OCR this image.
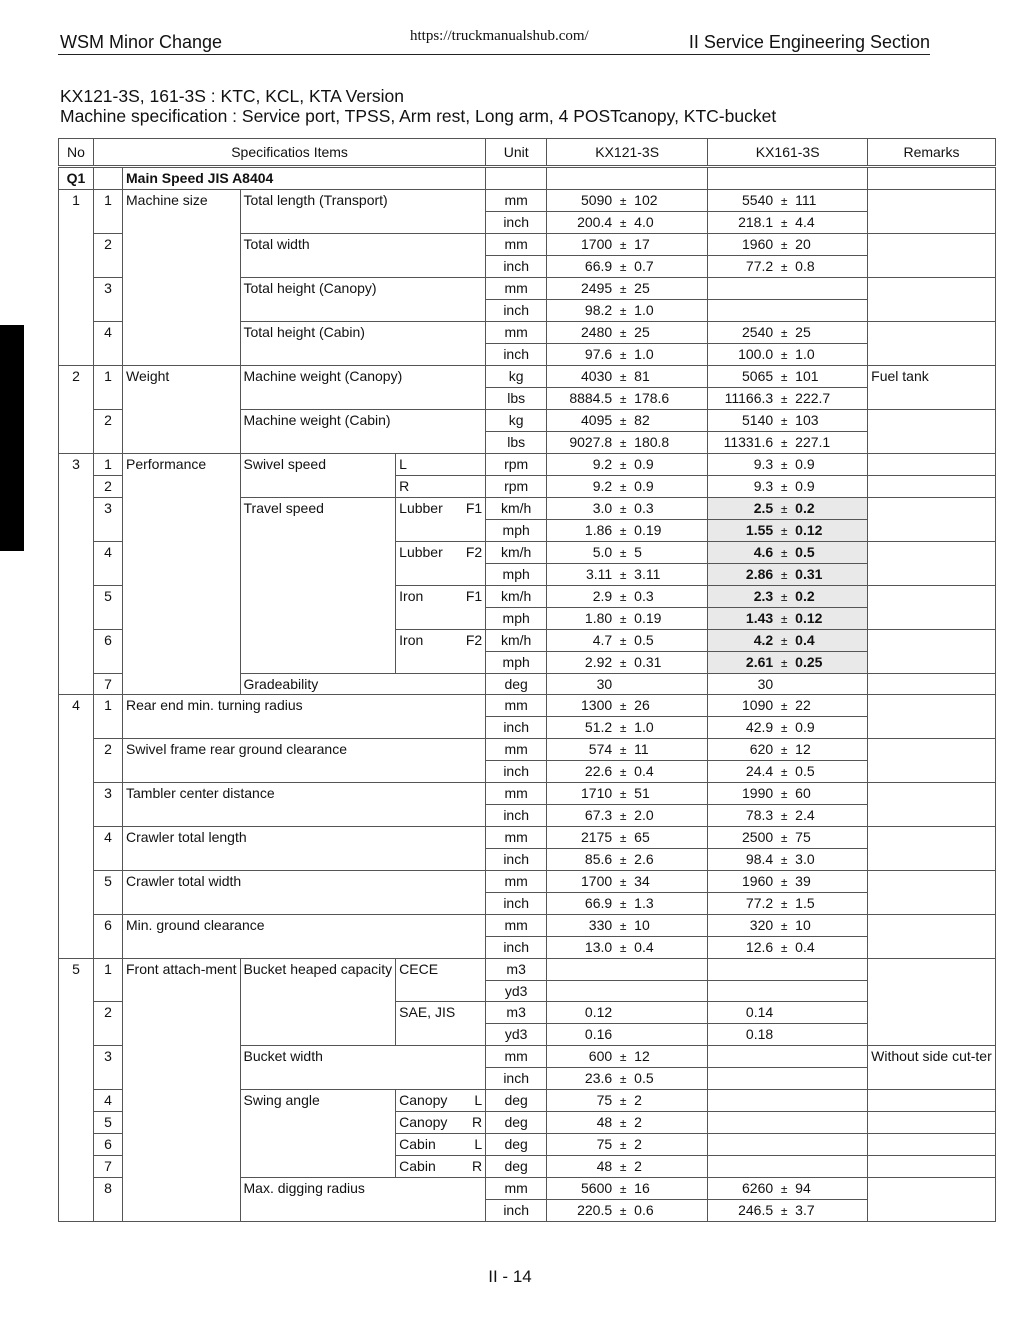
WSM Minor Change	https://truckmanualshub.com/	II Service Engineering Section
KX121-3S, 161-3S : KTC, KCL, KTA Version
Machine specification : Service port, TPSS, Arm rest, Long arm, 4 POSTcanopy, KTC-bucket
No	Specificatios Items				Unit	KX121-3S	KX161-3S	Remarks
Q1		Main Speed JIS A8404						
1	1	Machine size	Total length (Transport)		mm	5090 ± 102	5540 ± 111	
					inch	200.4 ± 4.0	218.1 ± 4.4	
	2		Total width		mm	1700 ± 17	1960 ± 20	
					inch	66.9 ± 0.7	77.2 ± 0.8	
	3		Total height (Canopy)		mm	2495 ± 25		
					inch	98.2 ± 1.0		
	4		Total height (Cabin)		mm	2480 ± 25	2540 ± 25	
					inch	97.6 ± 1.0	100.0 ± 1.0	
2	1	Weight	Machine weight (Canopy)		kg	4030 ± 81	5065 ± 101	Fuel tank
					lbs	8884.5 ± 178.6	11166.3 ± 222.7	
	2		Machine weight (Cabin)		kg	4095 ± 82	5140 ± 103	
					lbs	9027.8 ± 180.8	11331.6 ± 227.1	
3	1	Performance	Swivel speed	L	rpm	9.2 ± 0.9	9.3 ± 0.9	
	2			R	rpm	9.2 ± 0.9	9.3 ± 0.9	
	3		Travel speed	Lubber F1	km/h	3.0 ± 0.3	2.5 ± 0.2	
					mph	1.86 ± 0.19	1.55 ± 0.12	
	4			Lubber F2	km/h	5.0 ± 5	4.6 ± 0.5	
					mph	3.11 ± 3.11	2.86 ± 0.31	
	5			Iron F1	km/h	2.9 ± 0.3	2.3 ± 0.2	
					mph	1.80 ± 0.19	1.43 ± 0.12	
	6			Iron F2	km/h	4.7 ± 0.5	4.2 ± 0.4	
					mph	2.92 ± 0.31	2.61 ± 0.25	
	7		Gradeability		deg	30	30	
4	1	Rear end min. turning radius			mm	1300 ± 26	1090 ± 22	
					inch	51.2 ± 1.0	42.9 ± 0.9	
	2	Swivel frame rear ground clearance			mm	574 ± 11	620 ± 12	
					inch	22.6 ± 0.4	24.4 ± 0.5	
	3	Tambler center distance			mm	1710 ± 51	1990 ± 60	
					inch	67.3 ± 2.0	78.3 ± 2.4	
	4	Crawler total length			mm	2175 ± 65	2500 ± 75	
					inch	85.6 ± 2.6	98.4 ± 3.0	
	5	Crawler total width			mm	1700 ± 34	1960 ± 39	
					inch	66.9 ± 1.3	77.2 ± 1.5	
	6	Min. ground clearance			mm	330 ± 10	320 ± 10	
					inch	13.0 ± 0.4	12.6 ± 0.4	
5	1	Front attach-ment	Bucket heaped capacity	CECE	m3			
					yd3			
	2			SAE, JIS	m3	0.12	0.14	
					yd3	0.16	0.18	
	3		Bucket width		mm	600 ± 12		Without side cut-ter
					inch	23.6 ± 0.5		
	4		Swing angle	Canopy L	deg	75 ± 2		
	5			Canopy R	deg	48 ± 2		
	6			Cabin L	deg	75 ± 2		
	7			Cabin R	deg	48 ± 2		
	8		Max. digging radius		mm	5600 ± 16	6260 ± 94	
					inch	220.5 ± 0.6	246.5 ± 3.7	
II - 14
